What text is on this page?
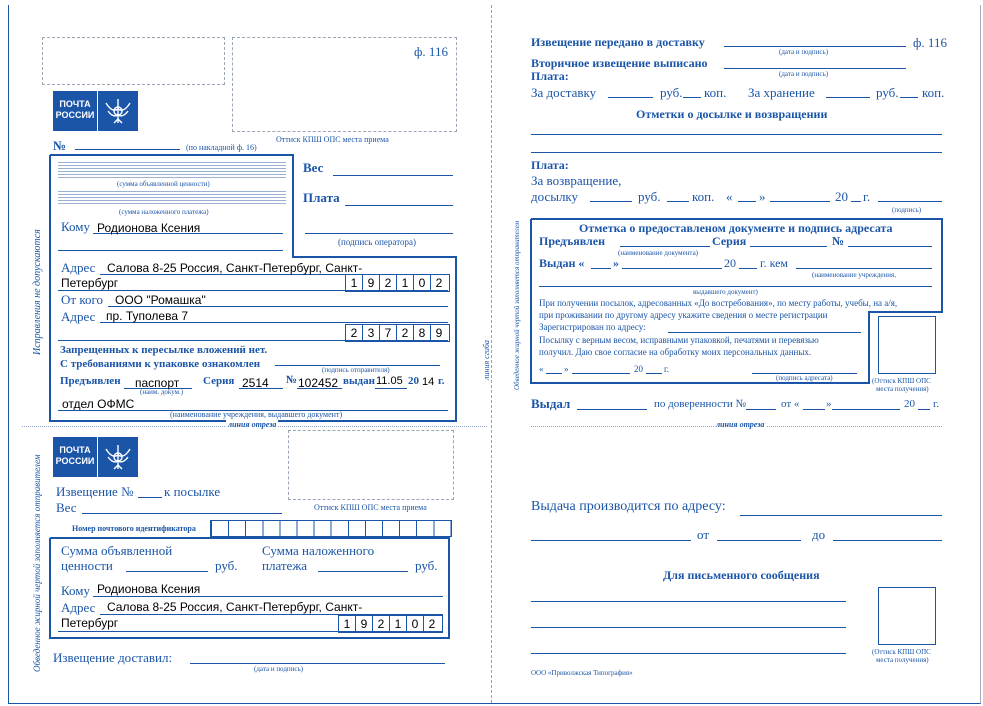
линия сгиба
ф. 116
Оттиск КПШ ОПС места приема
ПОЧТА
РОССИИ
№	(по накладной ф. 16)
(сумма объявленной ценности)
(сумма наложенного платежа)
Вес
Плата
(подпись оператора)
Кому Родионова Ксения
Адрес Салова 8-25 Россия, Санкт-Петербург, Санкт-
Петербург	1 9 2 1 0 2
От кого ООО "Ромашка"
Адрес пр. Туполева 7
2 3 7 2 8 9
Запрещенных к пересылке вложений нет.
С требованиями к упаковке ознакомлен	(подпись отправителя)
Предъявлен паспорт
(наим. докум.)
Серия 2514 № 102452 выдан 11.05 20 14 г.
отдел ОФМС
(наименование учреждения, выдавшего документ)
линия отреза
Исправления не допускаются
Обведенное жирной чертой заполняется отправителем
ПОЧТА
РОССИИ
Оттиск КПШ ОПС места приема
Извещение № к посылке
Вес
Номер почтового идентификатора
Сумма объявленной
ценности	руб.
Сумма наложенного
платежа	руб.
Кому Родионова Ксения
Адрес Салова 8-25 Россия, Санкт-Петербург, Санкт-
Петербург	1 9 2 1 0 2
Извещение доставил:
(дата и подпись)
Извещение передано в доставку	ф. 116
(дата и подпись)
Вторичное извещение выписано
(дата и подпись)
Плата:
За доставку	руб. коп. За хранение	руб. коп.
Отметки о досылке и возвращении
Плата:
За возвращение,
досылку	руб. коп. « »	20 г.
(подпись)
Отметка о предоставленом документе и подпись адресата
Предъявлен	Серия	№
(наименование документа)
Выдан « »	20 г. кем
(наименование учреждения,
выдавшего документ)
При получении посылок, адресованных «До востребования», по месту работы, учебы, на а/я,
при проживании по другому адресу укажите сведения о месте регистрации
Зарегистрирован по адресу:
Посылку с верным весом, исправными упаковкой, печатями и перевязью
получил. Даю свое согласие на обработку моих персональных данных.
« »	20 г.
(подпись адресата)	(Оттиск КПШ ОПС
места получения)
Выдал	по доверенности №	от « »	20 г.
линия отреза
Обведенное жирной чертой заполняется отправителем
Выдача производится по адресу:
от	до
Для письменного сообщения
(Оттиск КПШ ОПС
места получения)
ООО «Приволжская Типография»
